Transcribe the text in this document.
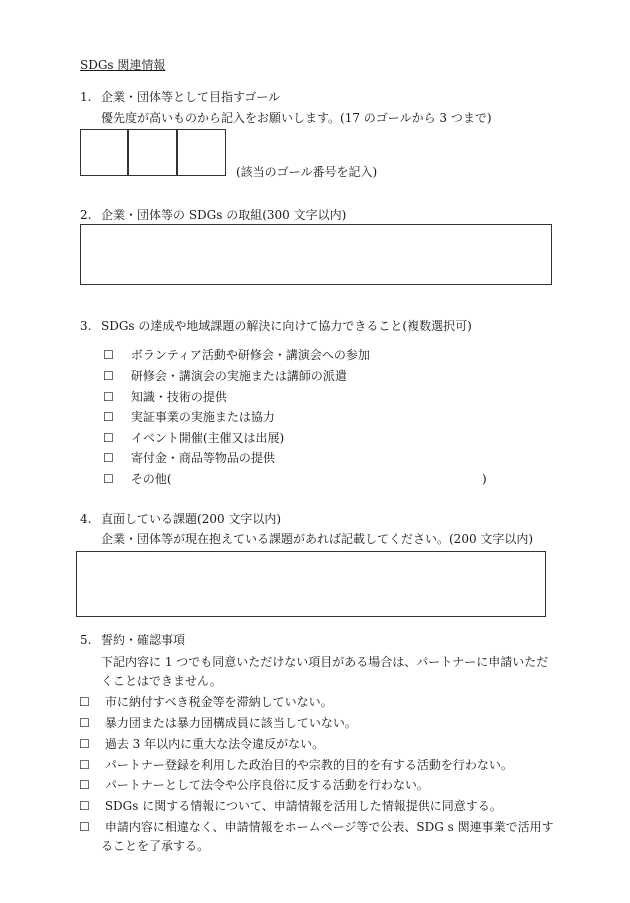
SDGs 関連情報
1. 企業・団体等として目指すゴール
優先度が高いものから記入をお願いします。(17 のゴールから 3 つまで)
(該当のゴール番号を記入)
2. 企業・団体等の SDGs の取組(300 文字以内)
3. SDGs の達成や地域課題の解決に向けて協力できること(複数選択可)
☐ ボランティア活動や研修会・講演会への参加
☐ 研修会・講演会の実施または講師の派遣
☐ 知識・技術の提供
☐ 実証事業の実施または協力
☐ イベント開催(主催又は出展)
☐ 寄付金・商品等物品の提供
☐ その他(	)
4. 直面している課題(200 文字以内)
企業・団体等が現在抱えている課題があれば記載してください。(200 文字以内)
5. 誓約・確認事項
下記内容に 1 つでも同意いただけない項目がある場合は、パートナーに申請いただ
くことはできません。
☐ 市に納付すべき税金等を滞納していない。
☐ 暴力団または暴力団構成員に該当していない。
☐ 過去 3 年以内に重大な法令違反がない。
☐ パートナー登録を利用した政治目的や宗教的目的を有する活動を行わない。
☐ パートナーとして法令や公序良俗に反する活動を行わない。
☐ SDGs に関する情報について、申請情報を活用した情報提供に同意する。
☐ 申請内容に相違なく、申請情報をホームページ等で公表、SDG s 関連事業で活用す
ることを了承する。
